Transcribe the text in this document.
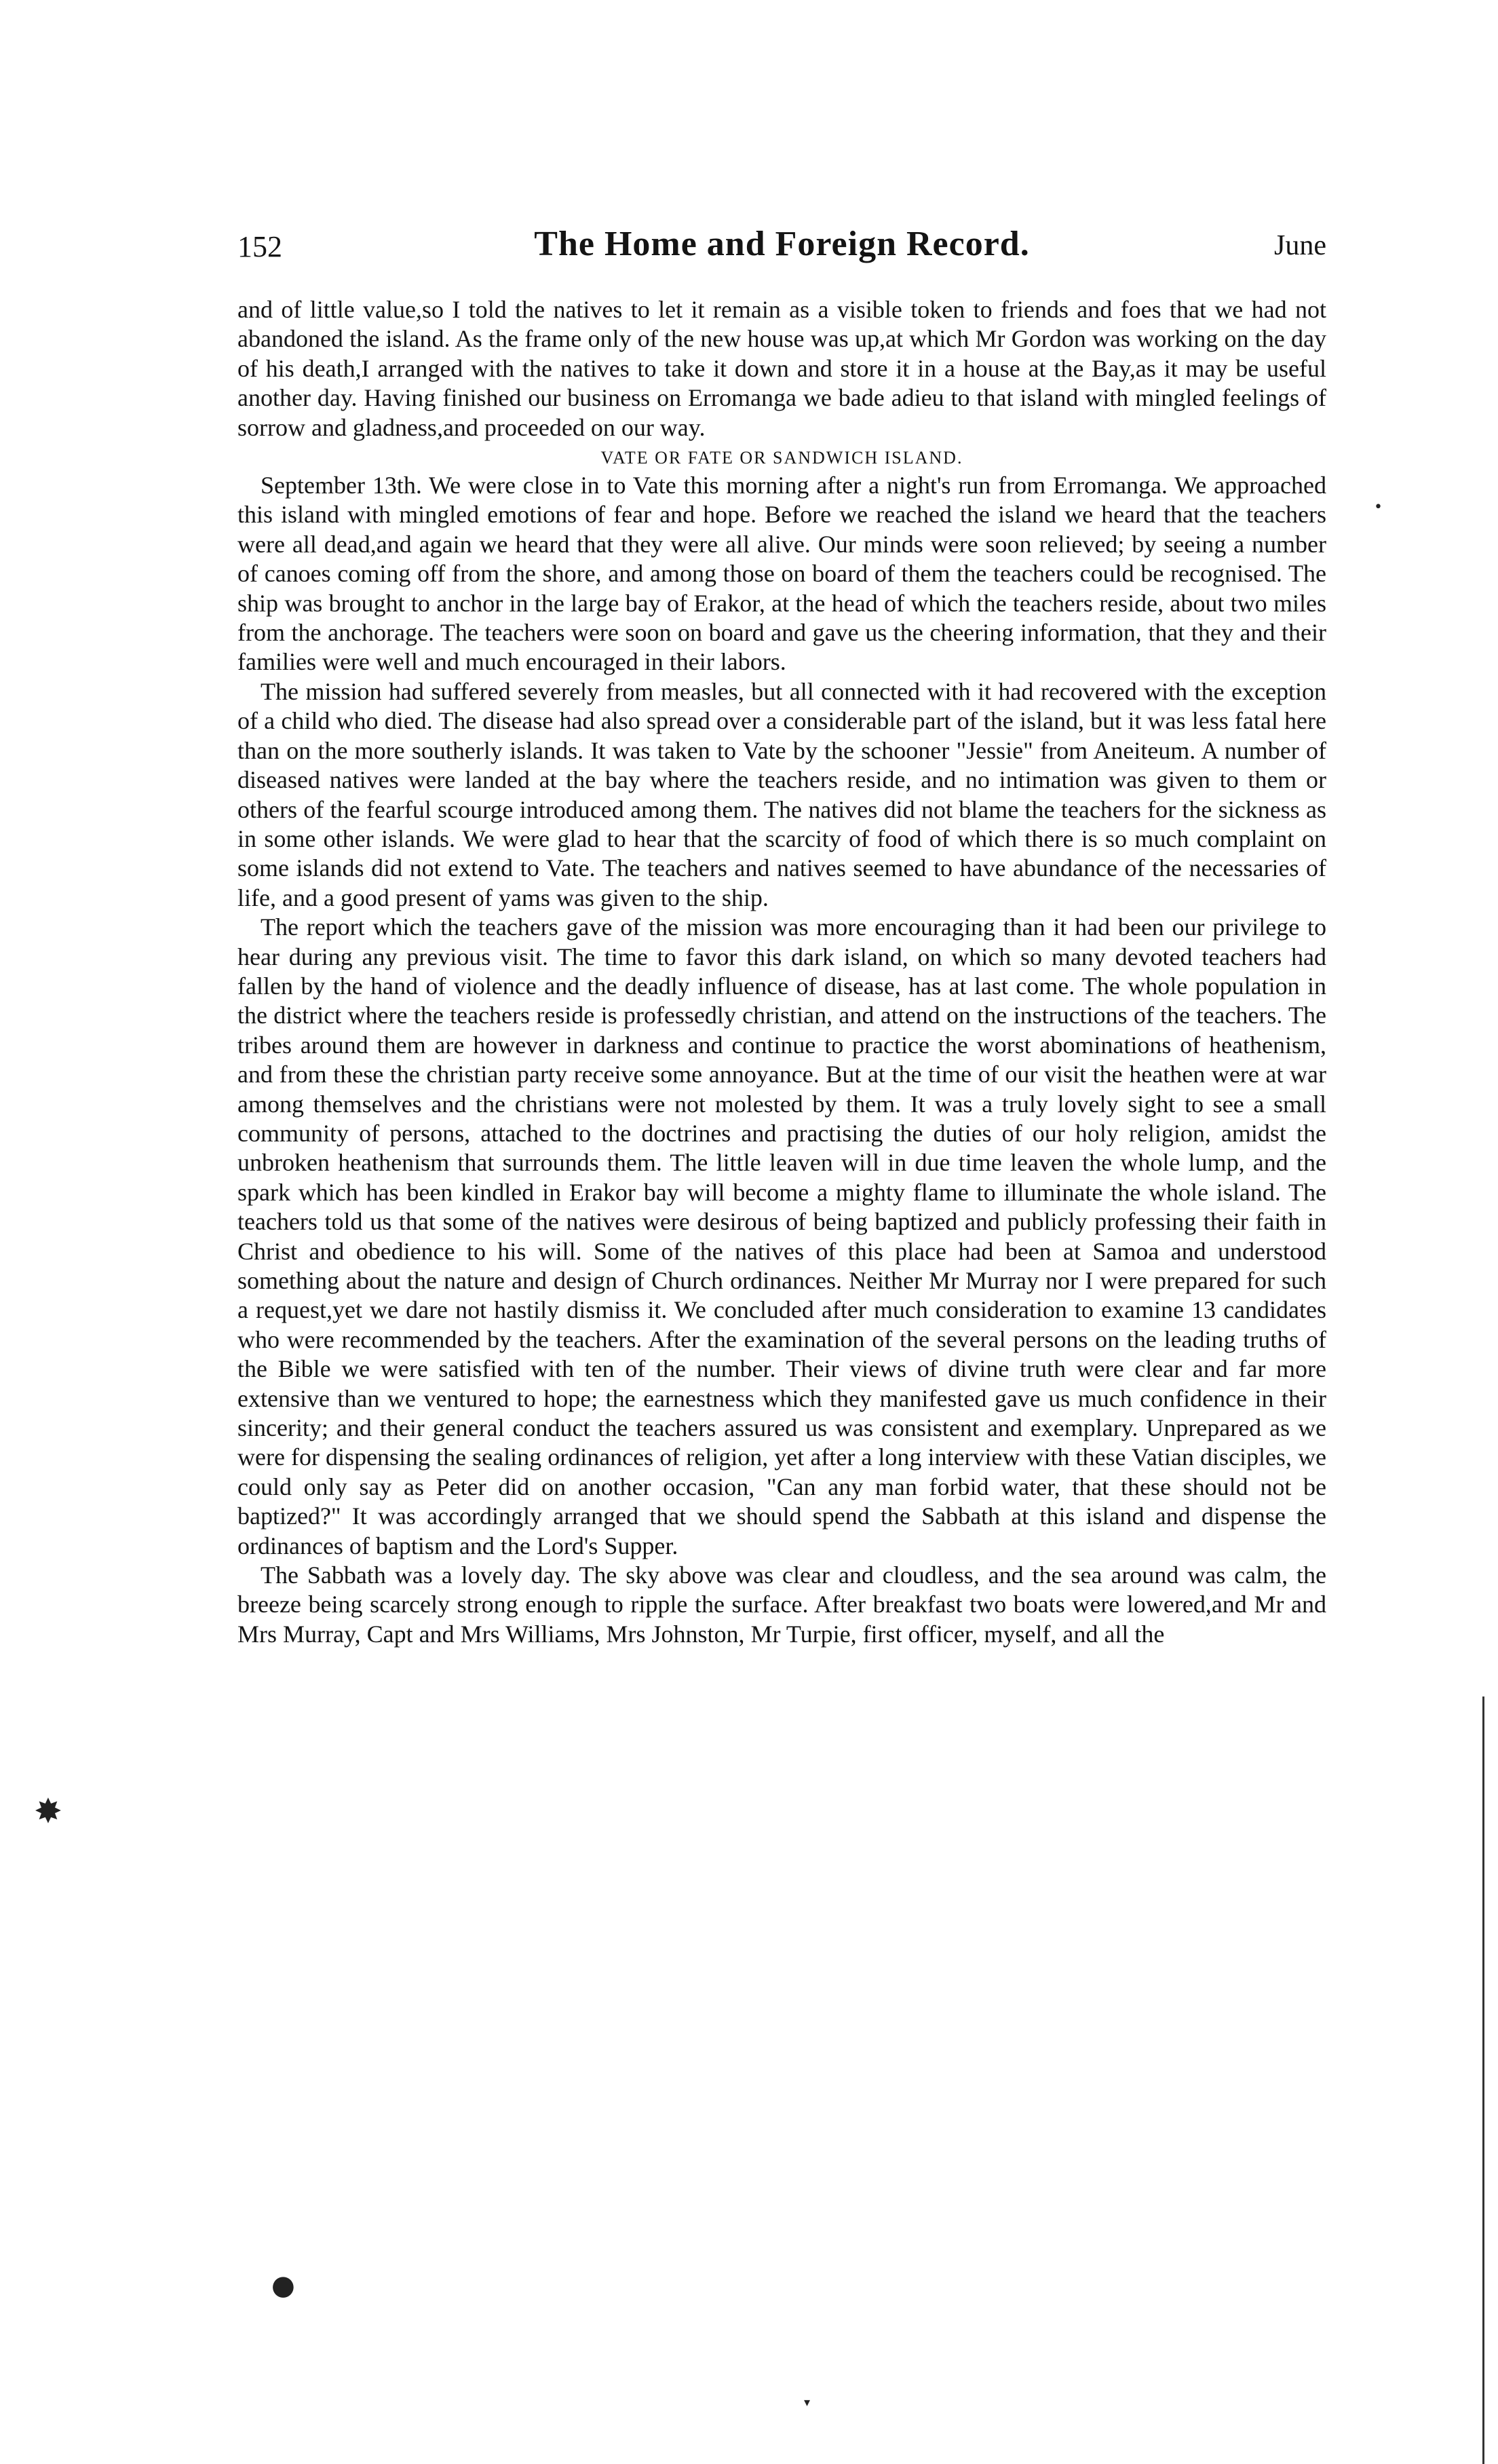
152	The Home and Foreign Record.	June

and of little value,so I told the natives to let it remain as a visible token to friends and foes that we had not abandoned the island. As the frame only of the new house was up,at which Mr Gordon was working on the day of his death,I arranged with the natives to take it down and store it in a house at the Bay,as it may be useful another day. Having finished our business on Erromanga we bade adieu to that island with mingled feelings of sorrow and gladness,and proceeded on our way.

VATE OR FATE OR SANDWICH ISLAND.

September 13th. We were close in to Vate this morning after a night's run from Erromanga. We approached this island with mingled emotions of fear and hope. Before we reached the island we heard that the teachers were all dead,and again we heard that they were all alive. Our minds were soon relieved; by seeing a number of canoes coming off from the shore, and among those on board of them the teachers could be recognised. The ship was brought to anchor in the large bay of Erakor, at the head of which the teachers reside, about two miles from the anchorage. The teachers were soon on board and gave us the cheering information, that they and their families were well and much encouraged in their labors.

The mission had suffered severely from measles, but all connected with it had recovered with the exception of a child who died. The disease had also spread over a considerable part of the island, but it was less fatal here than on the more southerly islands. It was taken to Vate by the schooner "Jessie" from Aneiteum. A number of diseased natives were landed at the bay where the teachers reside, and no intimation was given to them or others of the fearful scourge introduced among them. The natives did not blame the teachers for the sickness as in some other islands. We were glad to hear that the scarcity of food of which there is so much complaint on some islands did not extend to Vate. The teachers and natives seemed to have abundance of the necessaries of life, and a good present of yams was given to the ship.

The report which the teachers gave of the mission was more encouraging than it had been our privilege to hear during any previous visit. The time to favor this dark island, on which so many devoted teachers had fallen by the hand of violence and the deadly influence of disease, has at last come. The whole population in the district where the teachers reside is professedly christian, and attend on the instructions of the teachers. The tribes around them are however in darkness and continue to practice the worst abominations of heathenism, and from these the christian party receive some annoyance. But at the time of our visit the heathen were at war among themselves and the christians were not molested by them. It was a truly lovely sight to see a small community of persons, attached to the doctrines and practising the duties of our holy religion, amidst the unbroken heathenism that surrounds them. The little leaven will in due time leaven the whole lump, and the spark which has been kindled in Erakor bay will become a mighty flame to illuminate the whole island. The teachers told us that some of the natives were desirous of being baptized and publicly professing their faith in Christ and obedience to his will. Some of the natives of this place had been at Samoa and understood something about the nature and design of Church ordinances. Neither Mr Murray nor I were prepared for such a request,yet we dare not hastily dismiss it. We concluded after much consideration to examine 13 candidates who were recommended by the teachers. After the examination of the several persons on the leading truths of the Bible we were satisfied with ten of the number. Their views of divine truth were clear and far more extensive than we ventured to hope; the earnestness which they manifested gave us much confidence in their sincerity; and their general conduct the teachers assured us was consistent and exemplary. Unprepared as we were for dispensing the sealing ordinances of religion, yet after a long interview with these Vatian disciples, we could only say as Peter did on another occasion, "Can any man forbid water, that these should not be baptized?" It was accordingly arranged that we should spend the Sabbath at this island and dispense the ordinances of baptism and the Lord's Supper.

The Sabbath was a lovely day. The sky above was clear and cloudless, and the sea around was calm, the breeze being scarcely strong enough to ripple the surface. After breakfast two boats were lowered,and Mr and Mrs Murray, Capt and Mrs Williams, Mrs Johnston, Mr Turpie, first officer, myself, and all the

✸
●
▾
•
